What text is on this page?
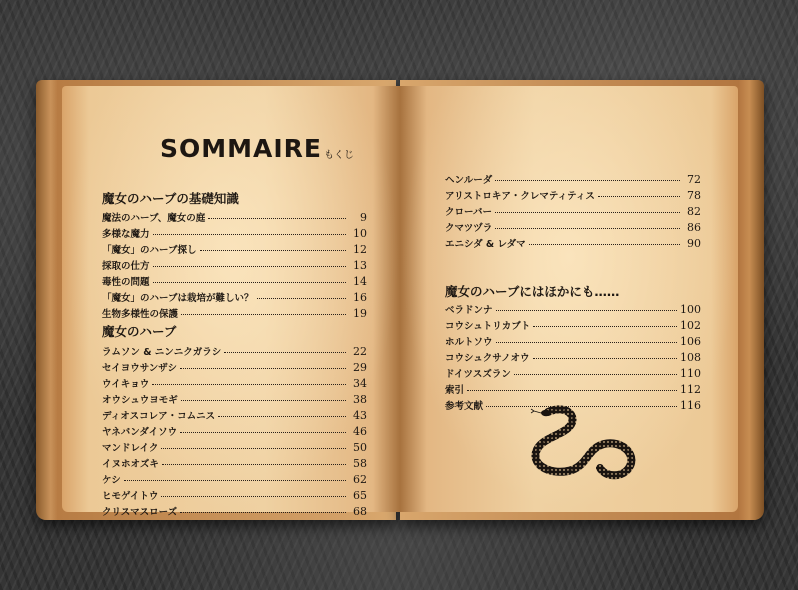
SOMMAIRE もくじ
魔女のハーブの基礎知識
魔法のハーブ、魔女の庭	9
多様な魔力	10
「魔女」のハーブ探し	12
採取の仕方	13
毒性の問題	14
「魔女」のハーブは栽培が難しい？	16
生物多様性の保護	19
魔女のハーブ
ラムソン & ニンニクガラシ	22
セイヨウサンザシ	29
ウイキョウ	34
オウシュウヨモギ	38
ディオスコレア・コムニス	43
ヤネバンダイソウ	46
マンドレイク	50
イヌホオズキ	58
ケシ	62
ヒモゲイトウ	65
クリスマスローズ	68
ヘンルーダ	72
アリストロキア・クレマティティス	78
クローバー	82
クマツヅラ	86
エニシダ & レダマ	90
魔女のハーブにはほかにも……
ベラドンナ	100
コウシュトリカブト	102
ホルトソウ	106
コウシュクサノオウ	108
ドイツスズラン	110
索引	112
参考文献	116
